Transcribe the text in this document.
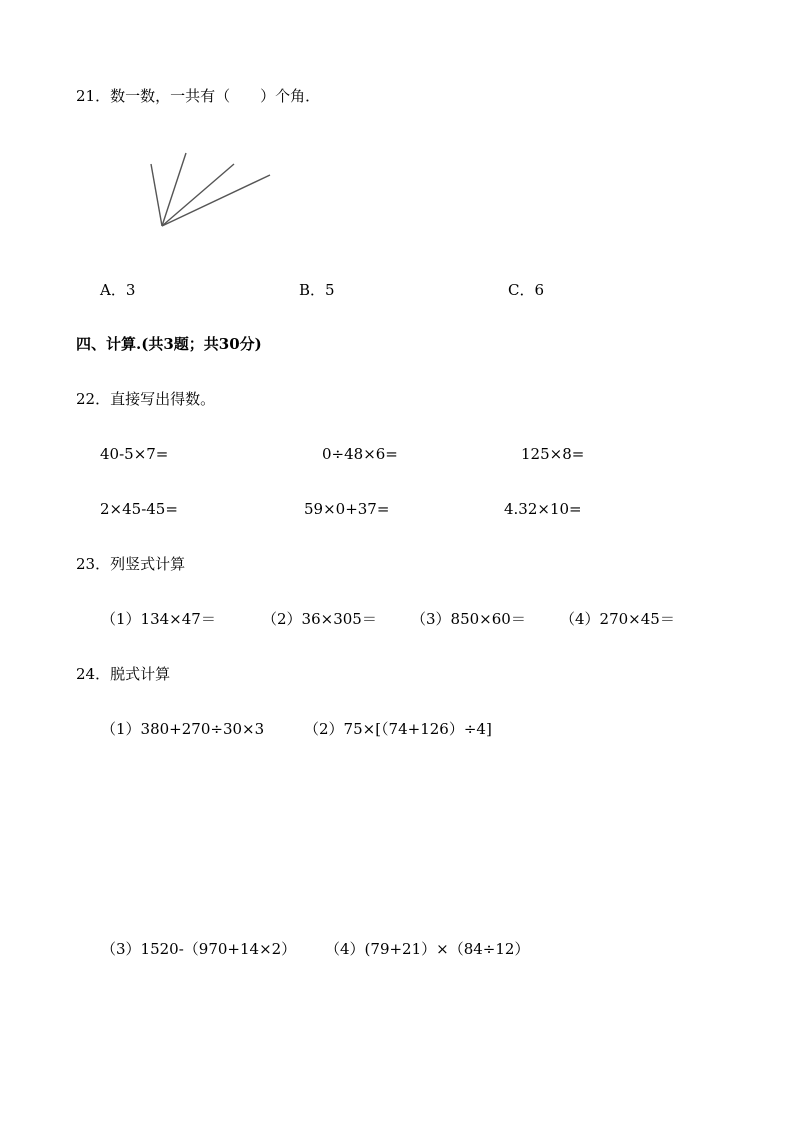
21．数一数，一共有（　　）个角．
A．3	B．5	C．6
四、计算.(共3题；共30分)
22．直接写出得数。
40-5×7=	0÷48×6=	125×8=
2×45-45=	59×0+37=	4.32×10=
23．列竖式计算
（1）134×47＝	（2）36×305＝ （3）850×60＝ （4）270×45＝
24．脱式计算
（1）380+270÷30×3	（2）75×[（74+126）÷4]
（3）1520-（970+14×2） （4）(79+21）×（84÷12）
